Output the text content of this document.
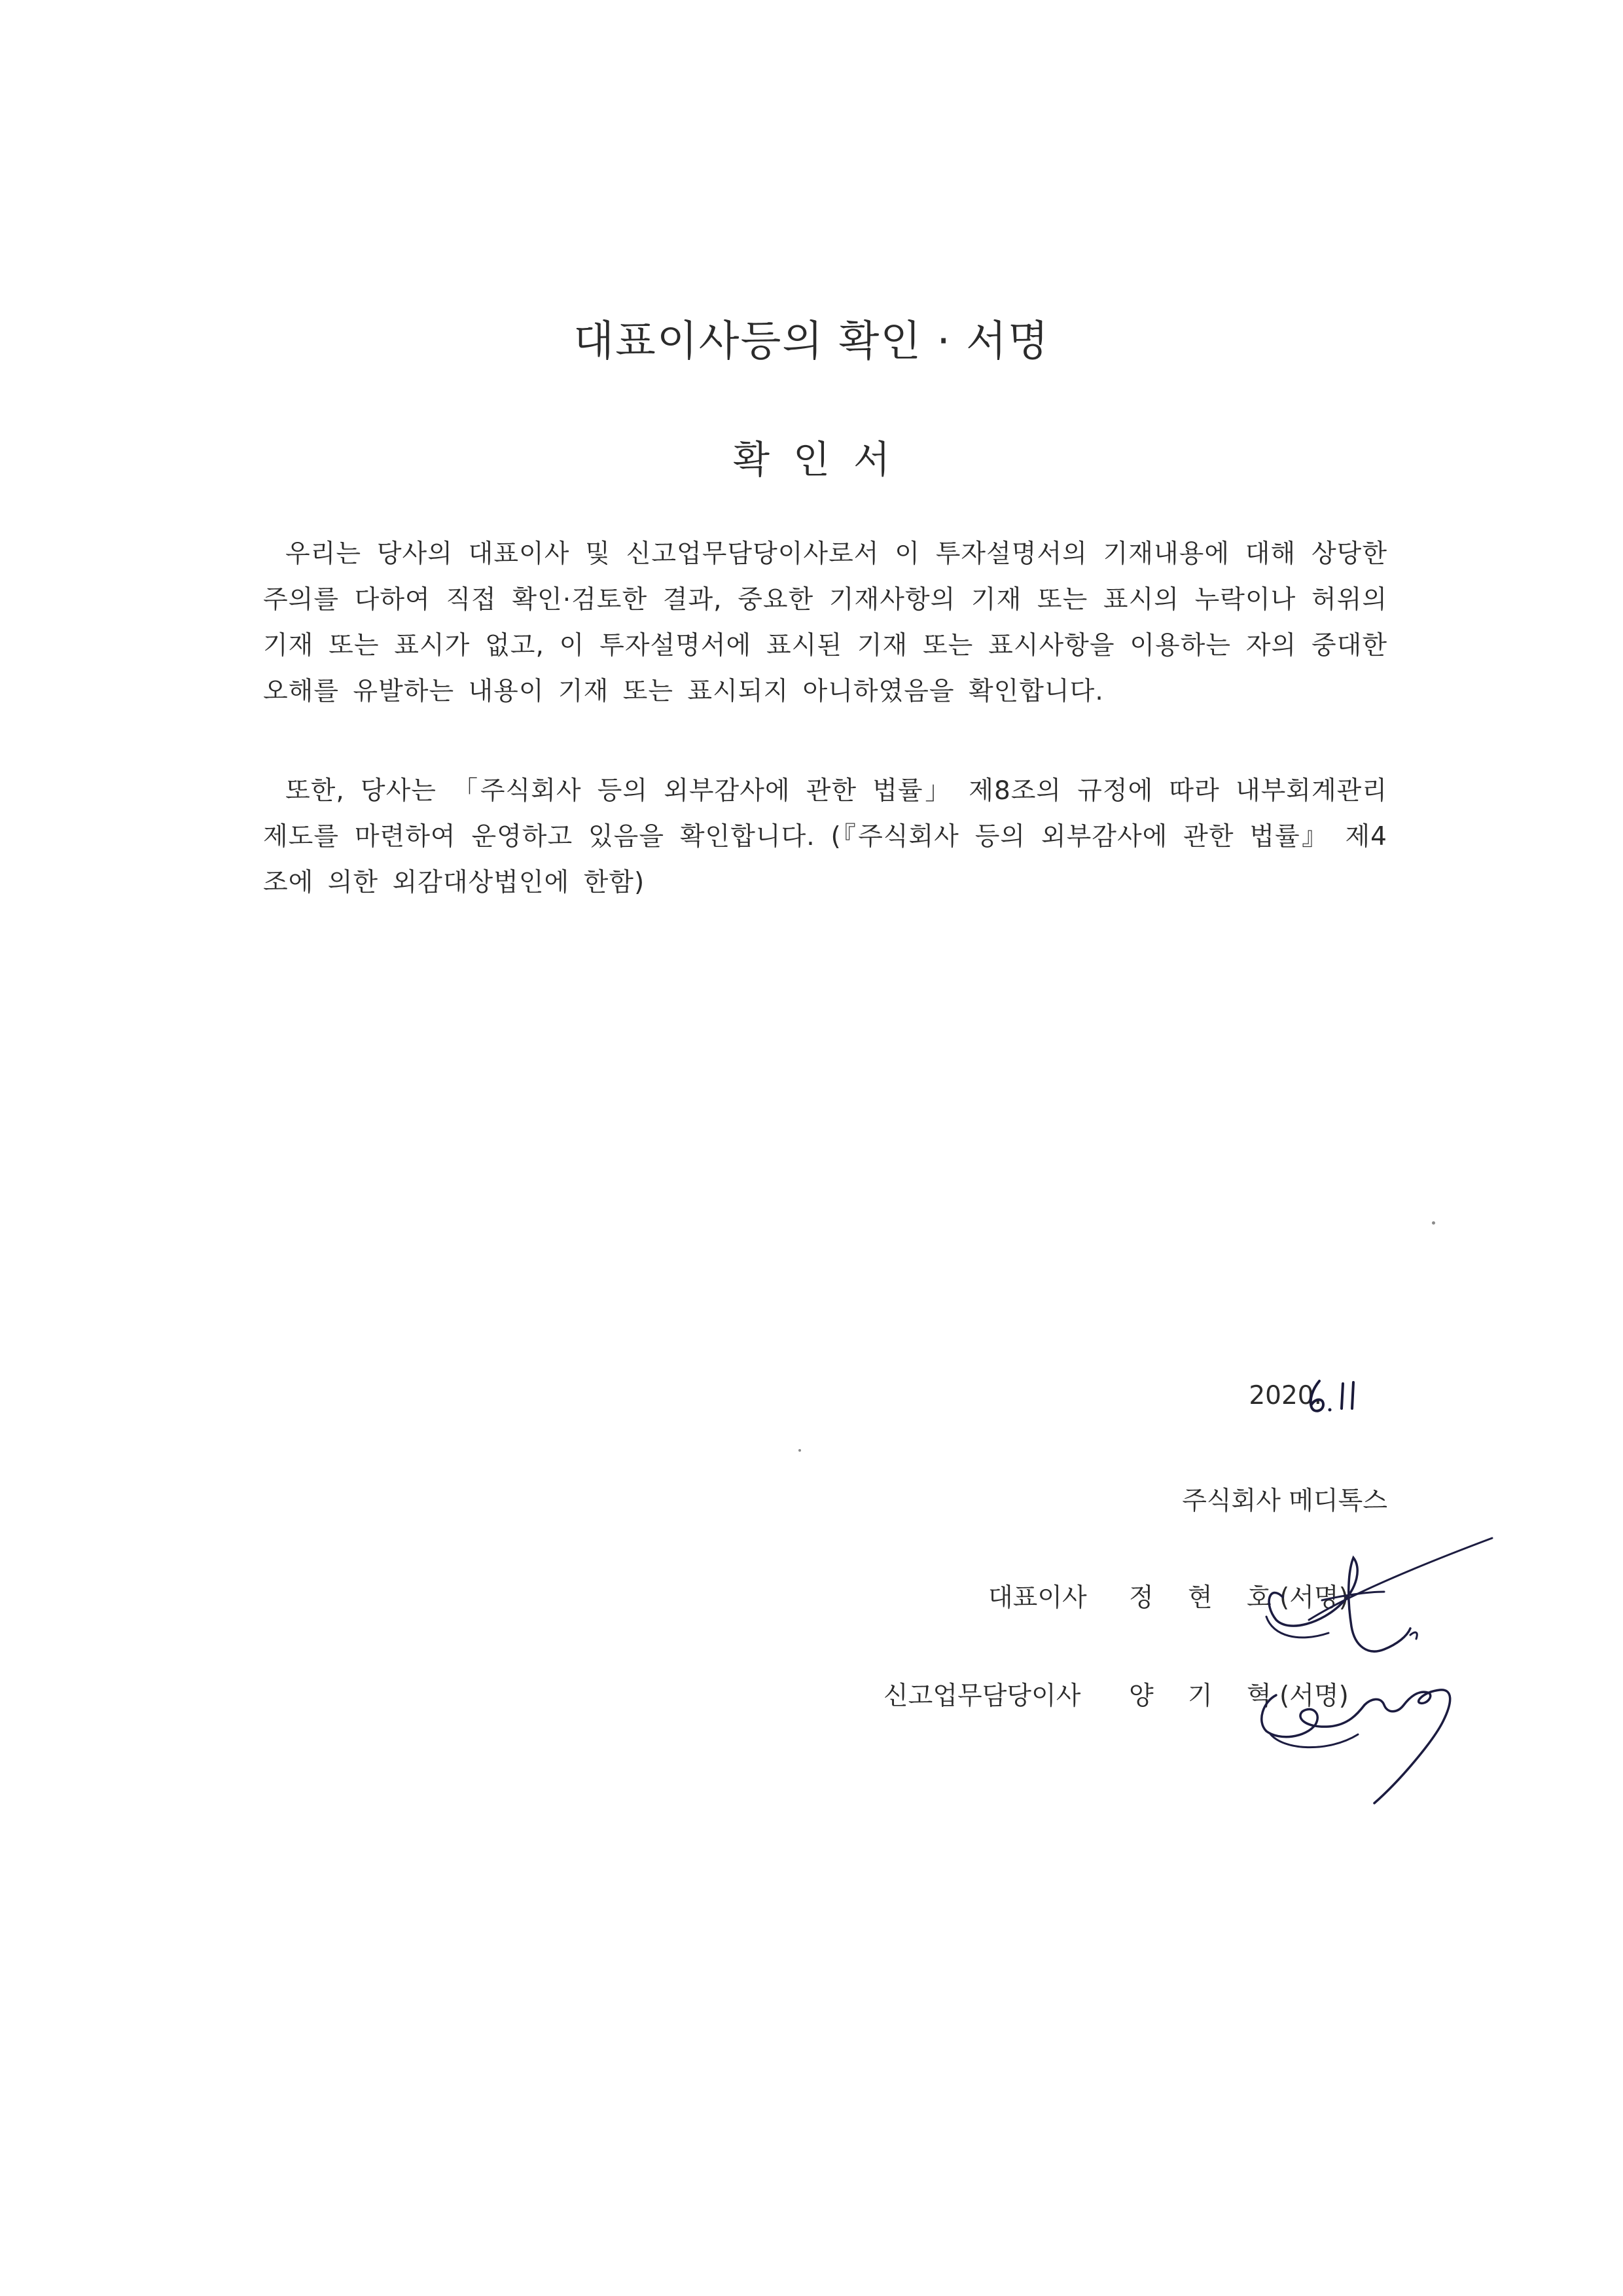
대표이사등의 확인 · 서명
확인서
우리는 당사의 대표이사 및 신고업무담당이사로서 이 투자설명서의 기재내용에 대해 상당한 주의를 다하여 직접 확인·검토한 결과, 중요한 기재사항의 기재 또는 표시의 누락이나 허위의 기재 또는 표시가 없고, 이 투자설명서에 표시된 기재 또는 표시사항을 이용하는 자의 중대한 오해를 유발하는 내용이 기재 또는 표시되지 아니하였음을 확인합니다.
또한, 당사는 「주식회사 등의 외부감사에 관한 법률」 제8조의 규정에 따라 내부회계관리제도를 마련하여 운영하고 있음을 확인합니다. (『주식회사 등의 외부감사에 관한 법률』 제4조에 의한 외감대상법인에 한함)
2020.
주식회사 메디톡스
대표이사 정 현 호 (서명)
신고업무담당이사 양 기 혁 (서명)
